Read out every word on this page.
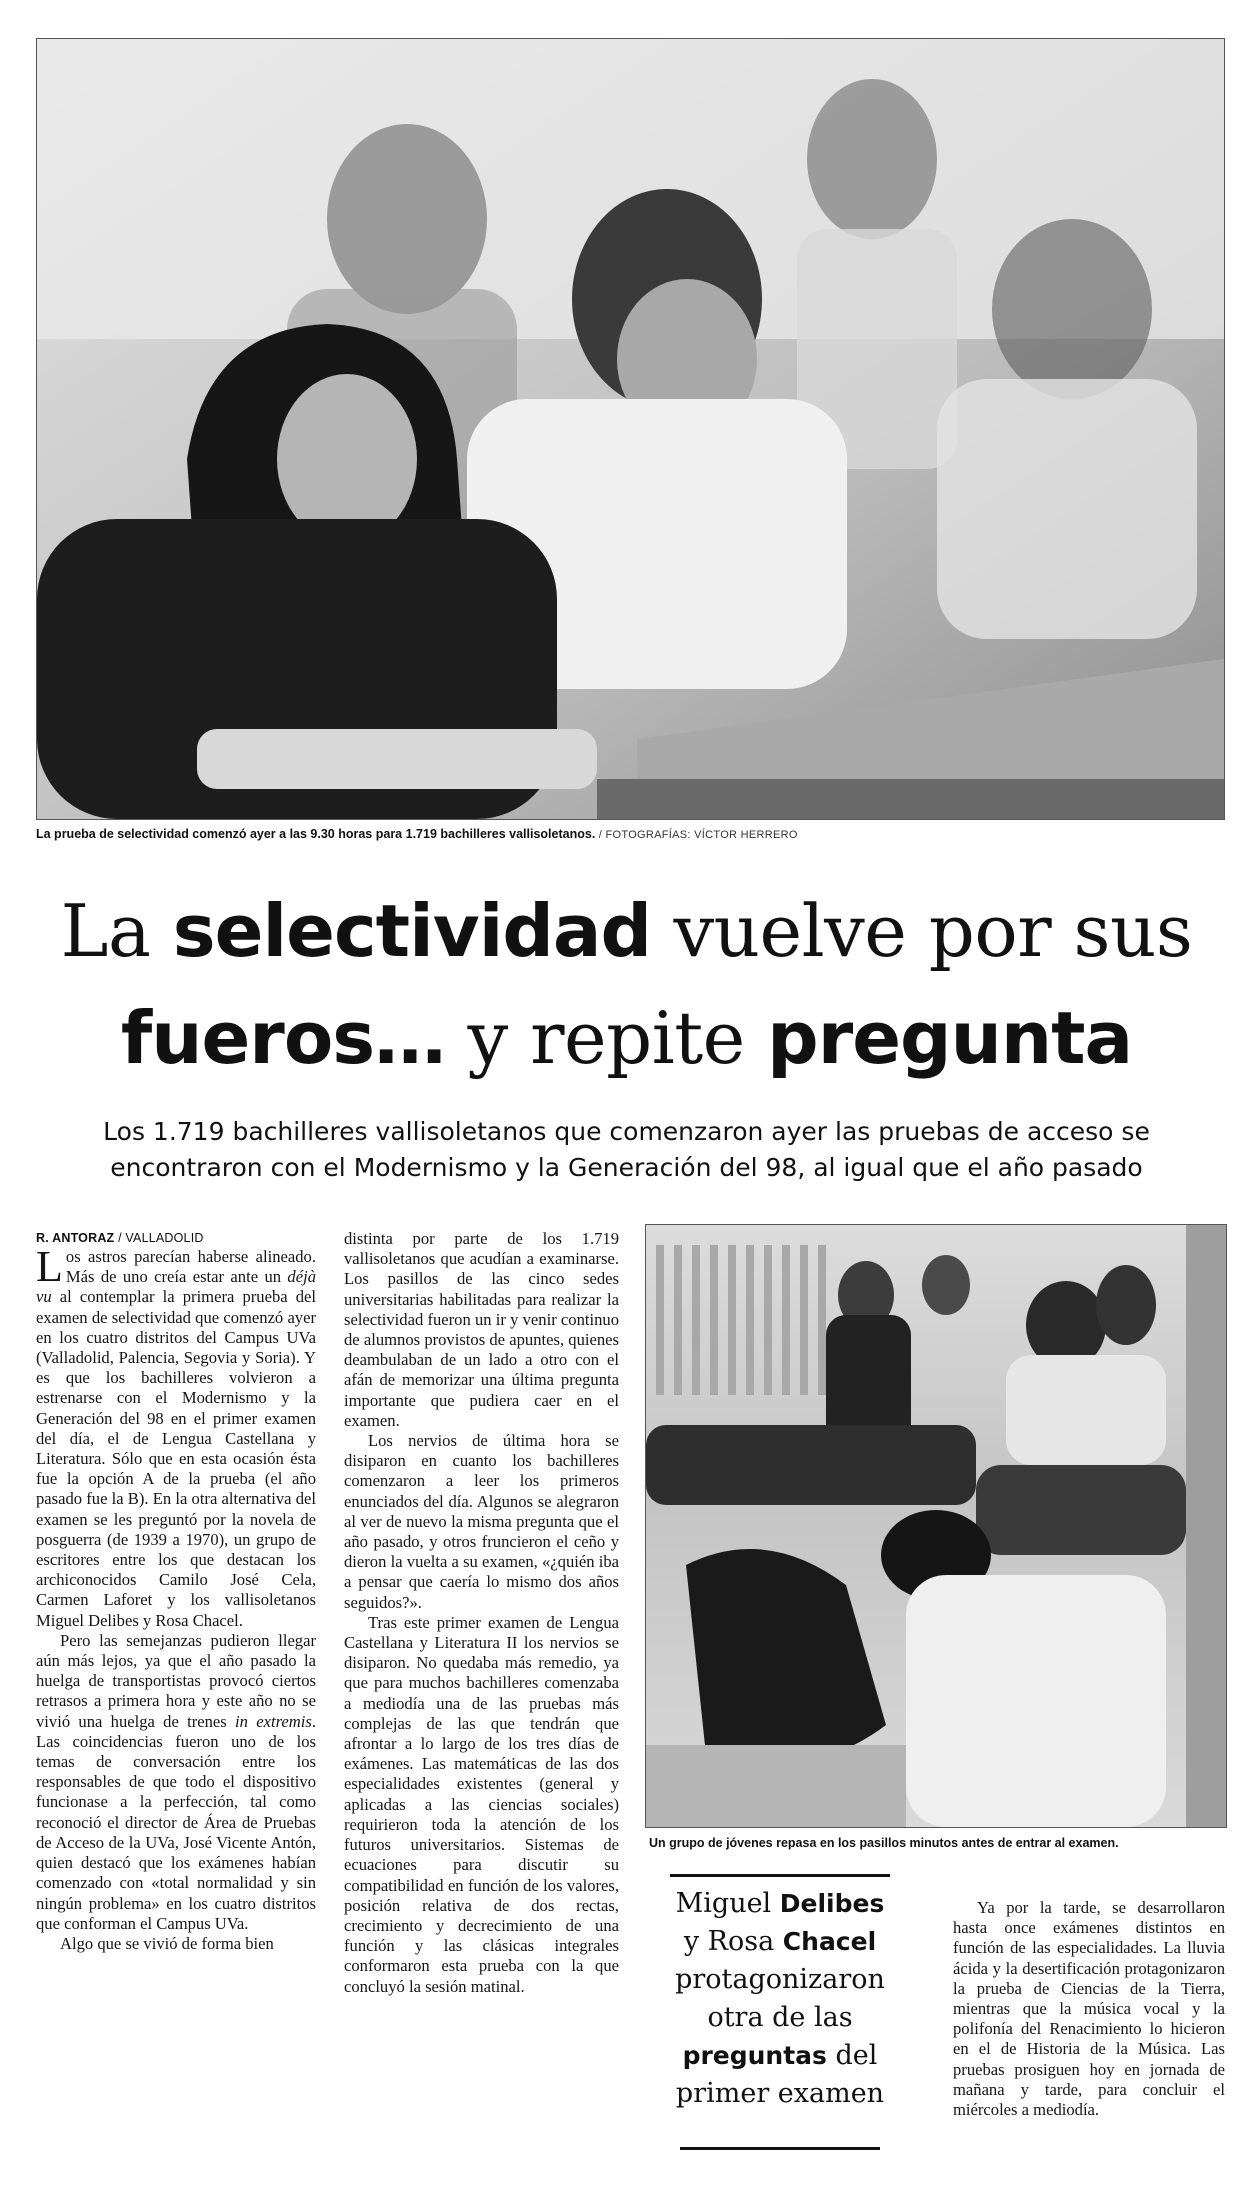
La prueba de selectividad comenzó ayer a las 9.30 horas para 1.719 bachilleres vallisoletanos. / FOTOGRAFÍAS: VÍCTOR HERRERO
La selectividad vuelve por sus
fueros… y repite pregunta
Los 1.719 bachilleres vallisoletanos que comenzaron ayer las pruebas de acceso se
encontraron con el Modernismo y la Generación del 98, al igual que el año pasado
R. ANTORAZ / VALLADOLID

Los astros parecían haberse alineado. Más de uno creía estar ante un déjà vu al contemplar la primera prueba del examen de selectividad que comenzó ayer en los cuatro distritos del Campus UVa (Valladolid, Palencia, Segovia y Soria). Y es que los bachilleres volvieron a estrenarse con el Modernismo y la Generación del 98 en el primer examen del día, el de Lengua Castellana y Literatura. Sólo que en esta ocasión ésta fue la opción A de la prueba (el año pasado fue la B). En la otra alternativa del examen se les preguntó por la novela de posguerra (de 1939 a 1970), un grupo de escritores entre los que destacan los archiconocidos Camilo José Cela, Carmen Laforet y los vallisoletanos Miguel Delibes y Rosa Chacel.

Pero las semejanzas pudieron llegar aún más lejos, ya que el año pasado la huelga de transportistas provocó ciertos retrasos a primera hora y este año no se vivió una huelga de trenes in extremis. Las coincidencias fueron uno de los temas de conversación entre los responsables de que todo el dispositivo funcionase a la perfección, tal como reconoció el director de Área de Pruebas de Acceso de la UVa, José Vicente Antón, quien destacó que los exámenes habían comenzado con «total normalidad y sin ningún problema» en los cuatro distritos que conforman el Campus UVa.

Algo que se vivió de forma bien

distinta por parte de los 1.719 vallisoletanos que acudían a examinarse. Los pasillos de las cinco sedes universitarias habilitadas para realizar la selectividad fueron un ir y venir continuo de alumnos provistos de apuntes, quienes deambulaban de un lado a otro con el afán de memorizar una última pregunta importante que pudiera caer en el examen.

Los nervios de última hora se disiparon en cuanto los bachilleres comenzaron a leer los primeros enunciados del día. Algunos se alegraron al ver de nuevo la misma pregunta que el año pasado, y otros fruncieron el ceño y dieron la vuelta a su examen, «¿quién iba a pensar que caería lo mismo dos años seguidos?».

Tras este primer examen de Lengua Castellana y Literatura II los nervios se disiparon. No quedaba más remedio, ya que para muchos bachilleres comenzaba a mediodía una de las pruebas más complejas de las que tendrán que afrontar a lo largo de los tres días de exámenes. Las matemáticas de las dos especialidades existentes (general y aplicadas a las ciencias sociales) requirieron toda la atención de los futuros universitarios. Sistemas de ecuaciones para discutir su compatibilidad en función de los valores, posición relativa de dos rectas, crecimiento y decrecimiento de una función y las clásicas integrales conformaron esta prueba con la que concluyó la sesión matinal.

Un grupo de jóvenes repasa en los pasillos minutos antes de entrar al examen.
Miguel Delibes y Rosa Chacel protagonizaron otra de las preguntas del primer examen

Ya por la tarde, se desarrollaron hasta once exámenes distintos en función de las especialidades. La lluvia ácida y la desertificación protagonizaron la prueba de Ciencias de la Tierra, mientras que la música vocal y la polifonía del Renacimiento lo hicieron en el de Historia de la Música. Las pruebas prosiguen hoy en jornada de mañana y tarde, para concluir el miércoles a mediodía.
